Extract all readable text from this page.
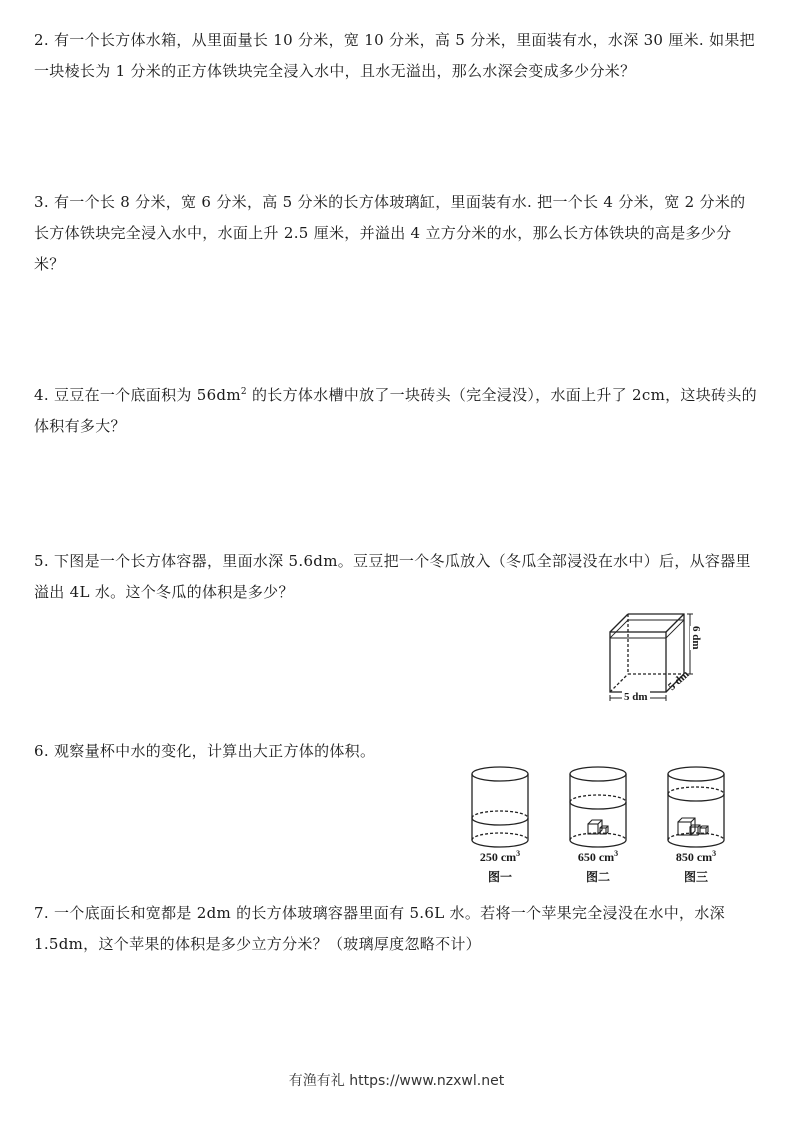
2. 有一个长方体水箱，从里面量长 10 分米，宽 10 分米，高 5 分米，里面装有水，水深 30 厘米. 如果把一块棱长为 1 分米的正方体铁块完全浸入水中，且水无溢出，那么水深会变成多少分米？

3. 有一个长 8 分米，宽 6 分米，高 5 分米的长方体玻璃缸，里面装有水. 把一个长 4 分米，宽 2 分米的长方体铁块完全浸入水中，水面上升 2.5 厘米，并溢出 4 立方分米的水，那么长方体铁块的高是多少分米？

4. 豆豆在一个底面积为 $56dm^2$ 的长方体水槽中放了一块砖头（完全浸没），水面上升了 2cm，这块砖头的体积有多大？

5. 下图是一个长方体容器，里面水深 5.6dm。豆豆把一个冬瓜放入（冬瓜全部浸没在水中）后，从容器里溢出 4L 水。这个冬瓜的体积是多少？

5 dm
5 dm
6 dm

6. 观察量杯中水的变化，计算出大正方体的体积。

250 $cm^3$	650 $cm^3$	850 $cm^3$
图一	图二	图三

7. 一个底面长和宽都是 2dm 的长方体玻璃容器里面有 5.6L 水。若将一个苹果完全浸没在水中，水深 1.5dm，这个苹果的体积是多少立方分米？（玻璃厚度忽略不计）

有渔有礼 https://www.nzxwl.net
